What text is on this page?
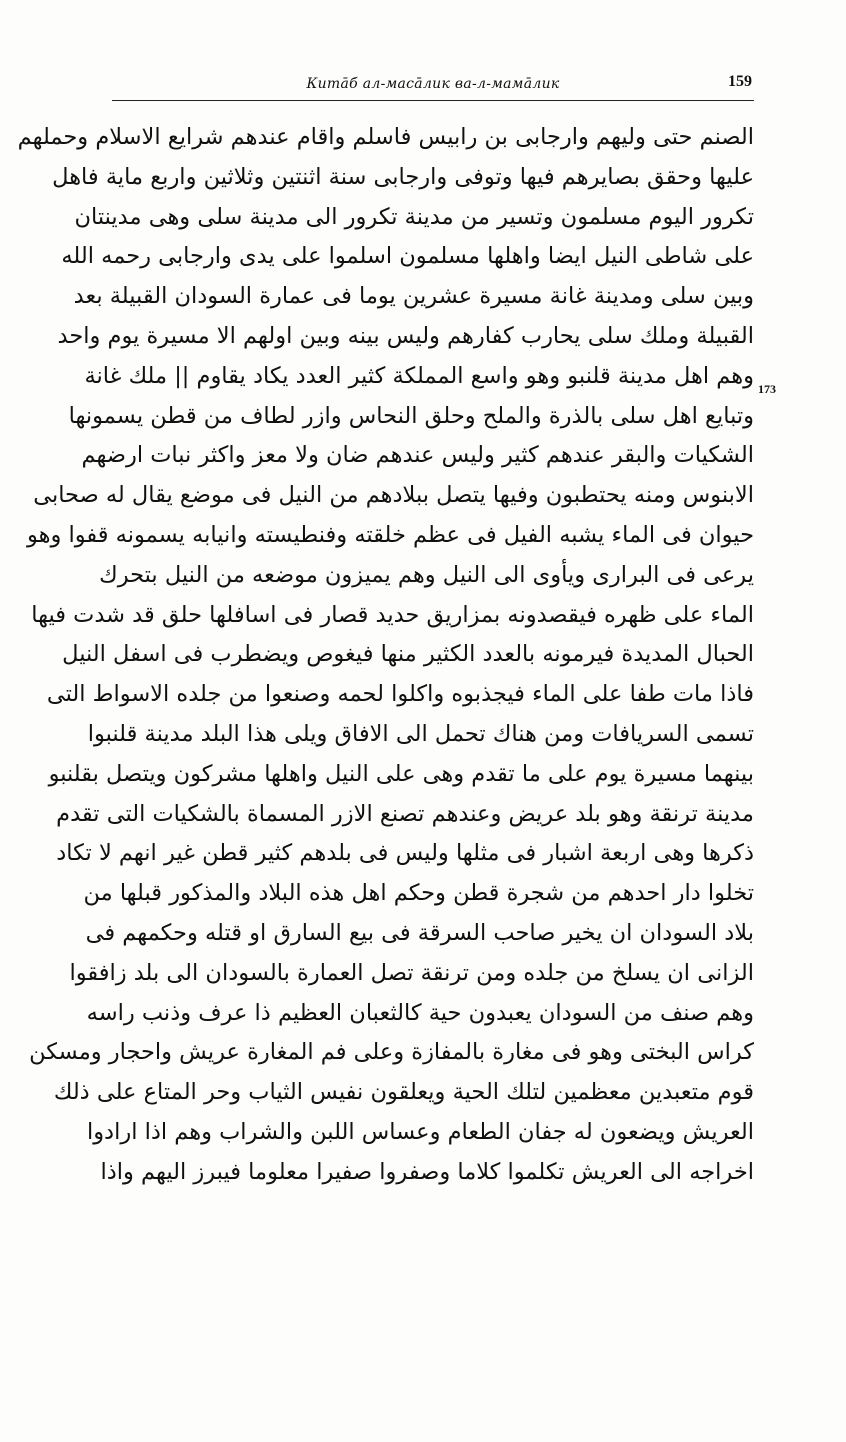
Китāб ал-масāлик ва-л-мамāлик	159
173
الصنم حتى وليهم وارجابى بن رابيس فاسلم واقام عندهم شرايع الاسلام وحملهم
عليها وحقق بصايرهم فيها وتوفى وارجابى سنة اثنتين وثلاثين واربع ماية فاهل
تكرور اليوم مسلمون وتسير من مدينة تكرور الى مدينة سلى وهى مدينتان
على شاطى النيل ايضا واهلها مسلمون اسلموا على يدى وارجابى رحمه الله
وبين سلى ومدينة غانة مسيرة عشرين يوما فى عمارة السودان القبيلة بعد
القبيلة وملك سلى يحارب كفارهم وليس بينه وبين اولهم الا مسيرة يوم واحد
وهم اهل مدينة قلنبو وهو واسع المملكة كثير العدد يكاد يقاوم || ملك غانة
وتبايع اهل سلى بالذرة والملح وحلق النحاس وازر لطاف من قطن يسمونها
الشكيات والبقر عندهم كثير وليس عندهم ضان ولا معز واكثر نبات ارضهم
الابنوس ومنه يحتطبون وفيها يتصل ببلادهم من النيل فى موضع يقال له صحابى
حيوان فى الماء يشبه الفيل فى عظم خلقته وفنطيسته وانيابه يسمونه قفوا وهو
يرعى فى البرارى ويأوى الى النيل وهم يميزون موضعه من النيل بتحرك
الماء على ظهره فيقصدونه بمزاريق حديد قصار فى اسافلها حلق قد شدت فيها
الحبال المديدة فيرمونه بالعدد الكثير منها فيغوص ويضطرب فى اسفل النيل
فاذا مات طفا على الماء فيجذبوه واكلوا لحمه وصنعوا من جلده الاسواط التى
تسمى السريافات ومن هناك تحمل الى الافاق ويلى هذا البلد مدينة قلنبوا
بينهما مسيرة يوم على ما تقدم وهى على النيل واهلها مشركون ويتصل بقلنبو
مدينة ترنقة وهو بلد عريض وعندهم تصنع الازر المسماة بالشكيات التى تقدم
ذكرها وهى اربعة اشبار فى مثلها وليس فى بلدهم كثير قطن غير انهم لا تكاد
تخلوا دار احدهم من شجرة قطن وحكم اهل هذه البلاد والمذكور قبلها من
بلاد السودان ان يخير صاحب السرقة فى بيع السارق او قتله وحكمهم فى
الزانى ان يسلخ من جلده ومن ترنقة تصل العمارة بالسودان الى بلد زافقوا
وهم صنف من السودان يعبدون حية كالثعبان العظيم ذا عرف وذنب راسه
كراس البختى وهو فى مغارة بالمفازة وعلى فم المغارة عريش واحجار ومسكن
قوم متعبدين معظمين لتلك الحية ويعلقون نفيس الثياب وحر المتاع على ذلك
العريش ويضعون له جفان الطعام وعساس اللبن والشراب وهم اذا ارادوا
اخراجه الى العريش تكلموا كلاما وصفروا صفيرا معلوما فيبرز اليهم واذا
